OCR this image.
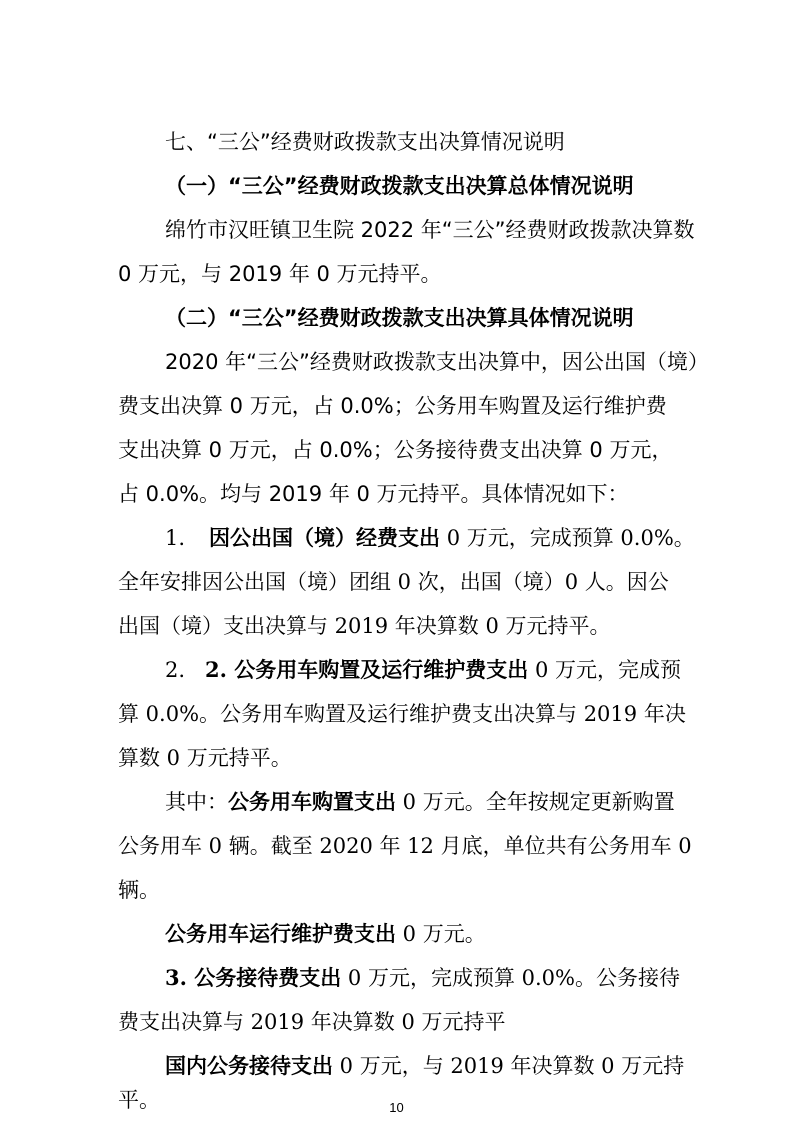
七、“三公”经费财政拨款支出决算情况说明

（一）“三公”经费财政拨款支出决算总体情况说明

绵竹市汉旺镇卫生院 2022 年“三公”经费财政拨款决算数

0 万元，与 2019 年 0 万元持平。

（二）“三公”经费财政拨款支出决算具体情况说明

2020 年“三公”经费财政拨款支出决算中，因公出国（境）

费支出决算 0 万元，占 0.0%；公务用车购置及运行维护费

支出决算 0 万元，占 0.0%；公务接待费支出决算 0 万元，

占 0.0%。均与 2019 年 0 万元持平。具体情况如下：

1. 因公出国（境）经费支出 0 万元，完成预算 0.0%。

全年安排因公出国（境）团组 0 次，出国（境）0 人。因公

出国（境）支出决算与 2019 年决算数 0 万元持平。

2. 2. 公务用车购置及运行维护费支出 0 万元，完成预

算 0.0%。公务用车购置及运行维护费支出决算与 2019 年决

算数 0 万元持平。

其中：公务用车购置支出 0 万元。全年按规定更新购置

公务用车 0 辆。截至 2020 年 12 月底，单位共有公务用车 0

辆。

公务用车运行维护费支出 0 万元。

3. 公务接待费支出 0 万元，完成预算 0.0%。公务接待

费支出决算与 2019 年决算数 0 万元持平

国内公务接待支出 0 万元，与 2019 年决算数 0 万元持

平。	10
